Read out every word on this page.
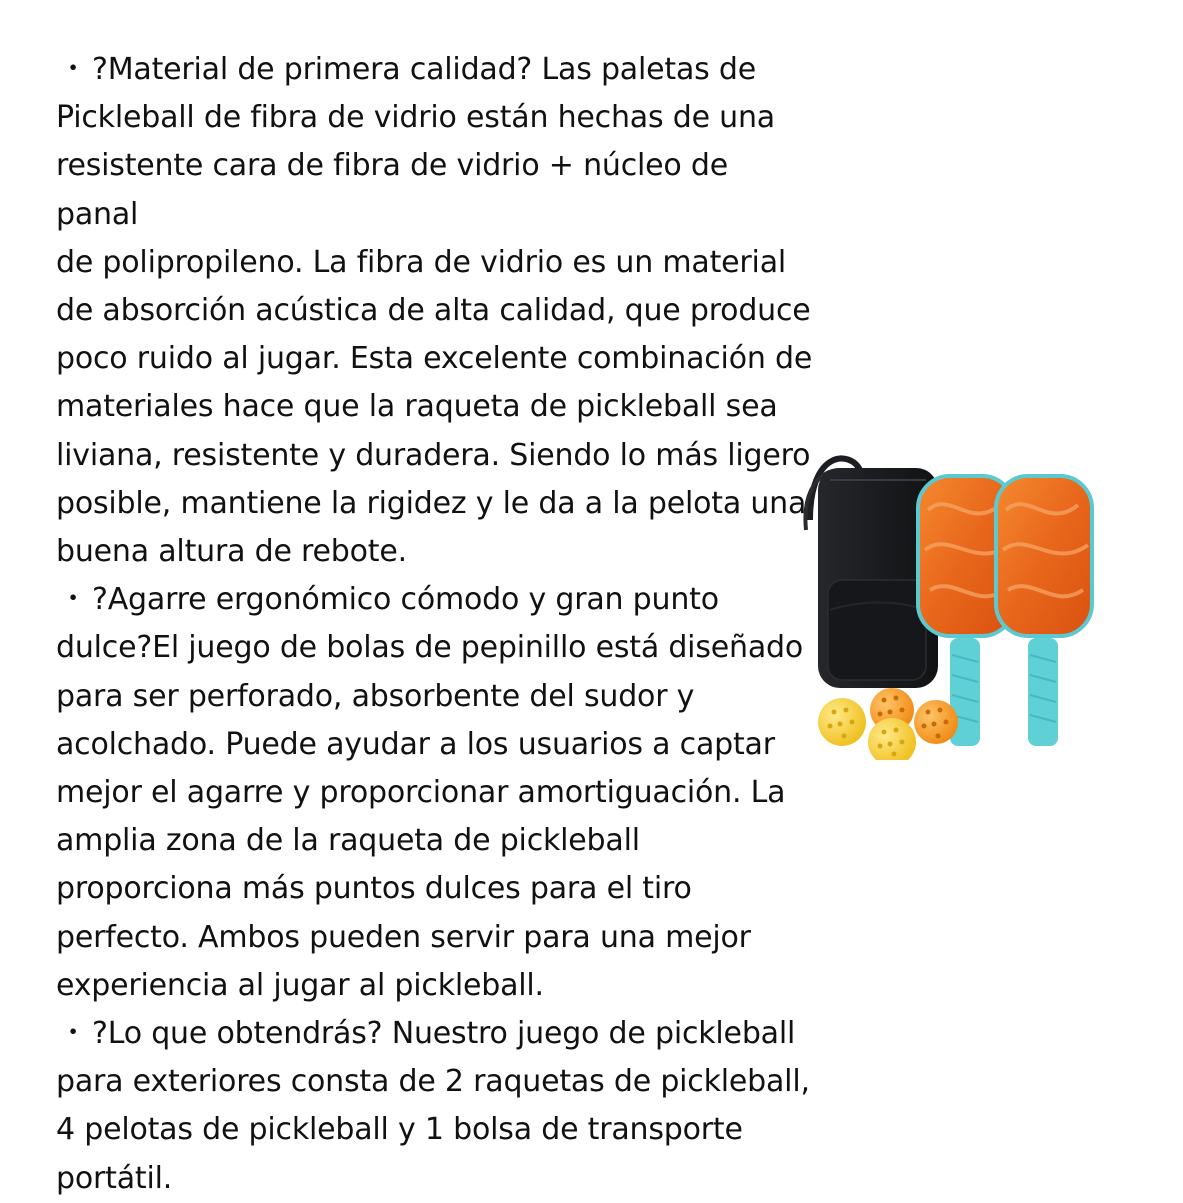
・ ?Material de primera calidad? Las paletas de

Pickleball de fibra de vidrio están hechas de una

resistente cara de fibra de vidrio + núcleo de panal

de polipropileno. La fibra de vidrio es un material

de absorción acústica de alta calidad, que produce

poco ruido al jugar. Esta excelente combinación de

materiales hace que la raqueta de pickleball sea

liviana, resistente y duradera. Siendo lo más ligero

posible, mantiene la rigidez y le da a la pelota una

buena altura de rebote.

・ ?Agarre ergonómico cómodo y gran punto

dulce?El juego de bolas de pepinillo está diseñado

para ser perforado, absorbente del sudor y

acolchado. Puede ayudar a los usuarios a captar

mejor el agarre y proporcionar amortiguación. La

amplia zona de la raqueta de pickleball

proporciona más puntos dulces para el tiro

perfecto. Ambos pueden servir para una mejor

experiencia al jugar al pickleball.

・ ?Lo que obtendrás? Nuestro juego de pickleball

para exteriores consta de 2 raquetas de pickleball,

4 pelotas de pickleball y 1 bolsa de transporte

portátil.
